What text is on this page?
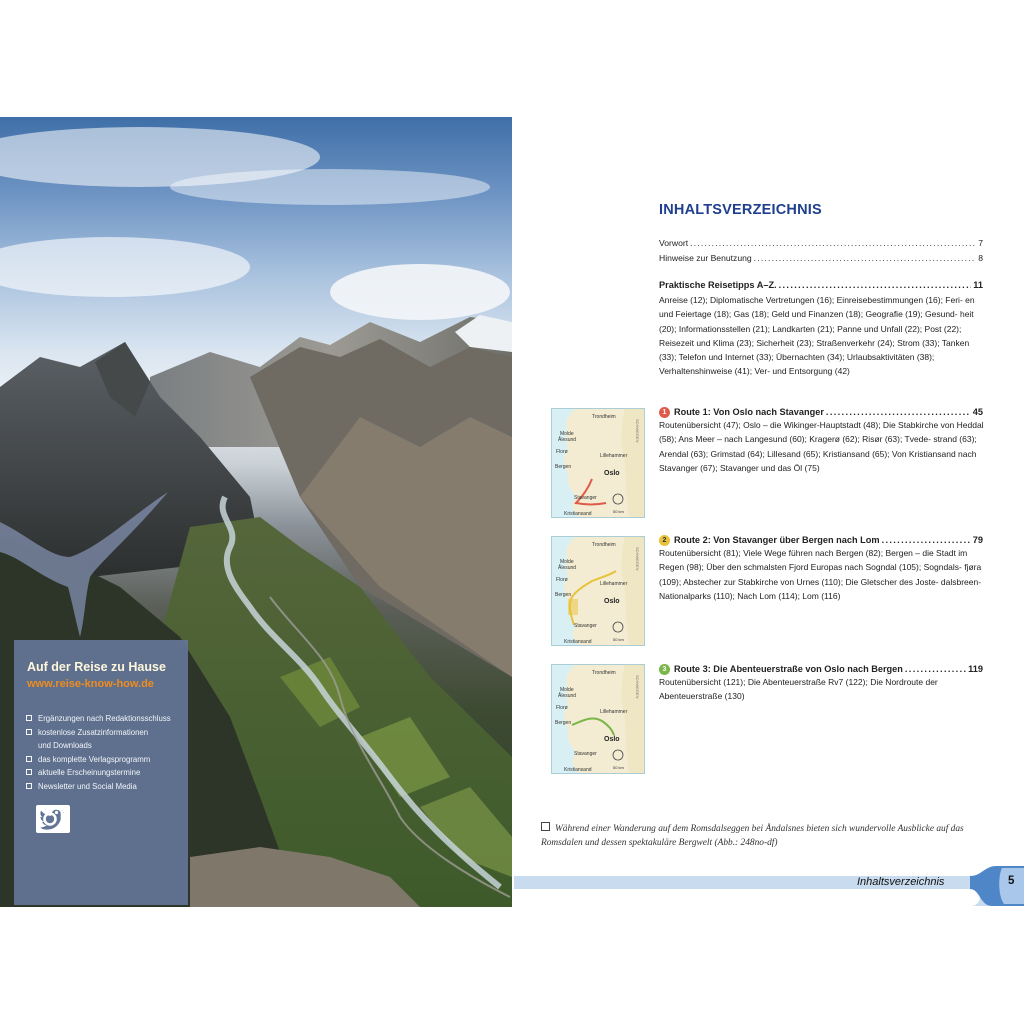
Auf der Reise zu Hause
www.reise-know-how.de
Ergänzungen nach Redaktionsschluss
kostenlose Zusatzinformationen
und Downloads
das komplette Verlagsprogramm
aktuelle Erscheinungstermine
Newsletter und Social Media
INHALTSVERZEICHNIS
Vorwort . . .	7
Hinweise zur Benutzung . . .	8
Praktische Reisetipps A–Z. . . .	11
Anreise (12); Diplomatische Vertretungen (16); Einreisebestimmungen (16); Feri- en und Feiertage (18); Gas (18); Geld und Finanzen (18); Geografie (19); Gesund- heit (20); Informationsstellen (21); Landkarten (21); Panne und Unfall (22); Post (22); Reisezeit und Klima (23); Sicherheit (23); Straßenverkehr (24); Strom (33); Tanken (33); Telefon und Internet (33); Übernachten (34); Urlaubsaktivitäten (38); Verhaltenshinweise (41); Ver- und Entsorgung (42)
Trondheim
Molde
Ålesund
Florø
Bergen
Lillehammer
Oslo
Stavanger
Kristiansand
SCHWEDEN
50 km
1 Route 1: Von Oslo nach Stavanger . . .	45
Routenübersicht (47); Oslo – die Wikinger-Hauptstadt (48); Die Stabkirche von Heddal (58); Ans Meer – nach Langesund (60); Kragerø (62); Risør (63); Tvede- strand (63); Arendal (63); Grimstad (64); Lillesand (65); Kristiansand (65); Von Kristiansand nach Stavanger (67); Stavanger und das Öl (75)
Trondheim
Molde
Ålesund
Florø
Bergen
Lillehammer
Oslo
Stavanger
Kristiansand
SCHWEDEN
50 km
2 Route 2: Von Stavanger über Bergen nach Lom . . .	79
Routenübersicht (81); Viele Wege führen nach Bergen (82); Bergen – die Stadt im Regen (98); Über den schmalsten Fjord Europas nach Sogndal (105); Sogndals- fjøra (109); Abstecher zur Stabkirche von Urnes (110); Die Gletscher des Joste- dalsbreen-Nationalparks (110); Nach Lom (114); Lom (116)
Trondheim
Molde
Ålesund
Florø
Bergen
Lillehammer
Oslo
Stavanger
Kristiansand
SCHWEDEN
50 km
3 Route 3: Die Abenteuerstraße von Oslo nach Bergen . . .	119
Routenübersicht (121); Die Abenteuerstraße Rv7 (122); Die Nordroute der Abenteuerstraße (130)
Während einer Wanderung auf dem Romsdalseggen bei Åndalsnes bieten sich wundervolle Ausblicke auf das Romsdalen und dessen spektakuläre Bergwelt (Abb.: 248no-df)
Inhaltsverzeichnis	5
